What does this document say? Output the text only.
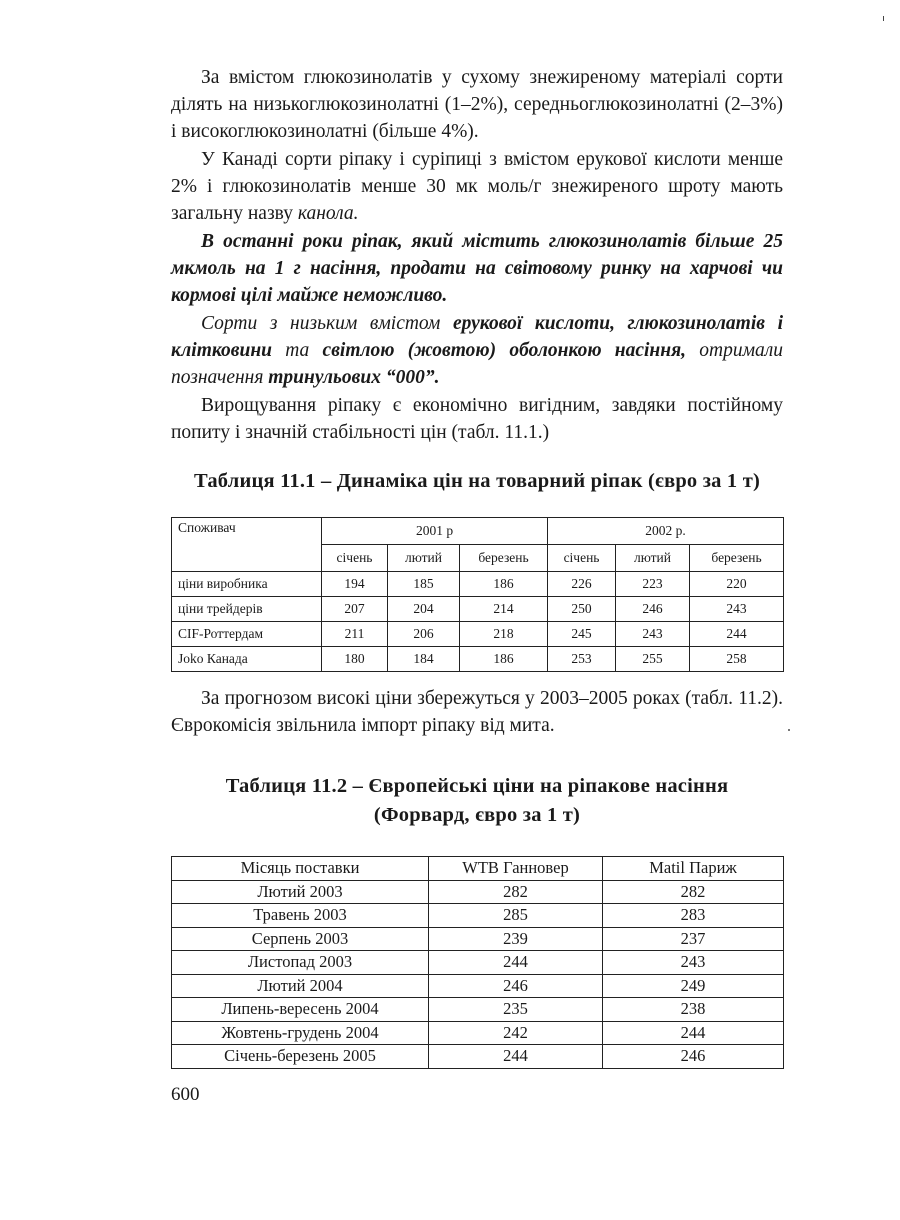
За вмістом глюкозинолатів у сухому знежиреному матеріалі сорти ділять на низькоглюкозинолатні (1–2%), середньоглюкозинолатні (2–3%) і високоглюкозинолатні (більше 4%).

У Канаді сорти ріпаку і суріпиці з вмістом ерукової кислоти менше 2% і глюкозинолатів менше 30 мк моль/г знежиреного шроту мають загальну назву канола.

В останні роки ріпак, який містить глюкозинолатів більше 25 мкмоль на 1 г насіння, продати на світовому ринку на харчові чи кормові цілі майже неможливо.

Сорти з низьким вмістом ерукової кислоти, глюкозинолатів і клітковини та світлою (жовтою) оболонкою насіння, отримали позначення тринульових “000”.

Вирощування ріпаку є економічно вигідним, завдяки постійному попиту і значній стабільності цін (табл. 11.1.)

Таблиця 11.1 – Динаміка цін на товарний ріпак (євро за 1 т)
Споживач	2001 р			2002 р.		
	січень	лютий	березень	січень	лютий	березень
ціни виробника	194	185	186	226	223	220
ціни трейдерів	207	204	214	250	246	243
CIF-Роттердам	211	206	218	245	243	244
Joko Канада	180	184	186	253	255	258

За прогнозом високі ціни збережуться у 2003–2005 роках (табл. 11.2). Єврокомісія звільнила імпорт ріпаку від мита.

Таблиця 11.2 – Європейські ціни на ріпакове насіння
(Форвард, євро за 1 т)
Місяць поставки	WTB Ганновер	Matil Париж
Лютий 2003	282	282
Травень 2003	285	283
Серпень 2003	239	237
Листопад 2003	244	243
Лютий 2004	246	249
Липень-вересень 2004	235	238
Жовтень-грудень 2004	242	244
Січень-березень 2005	244	246
600
